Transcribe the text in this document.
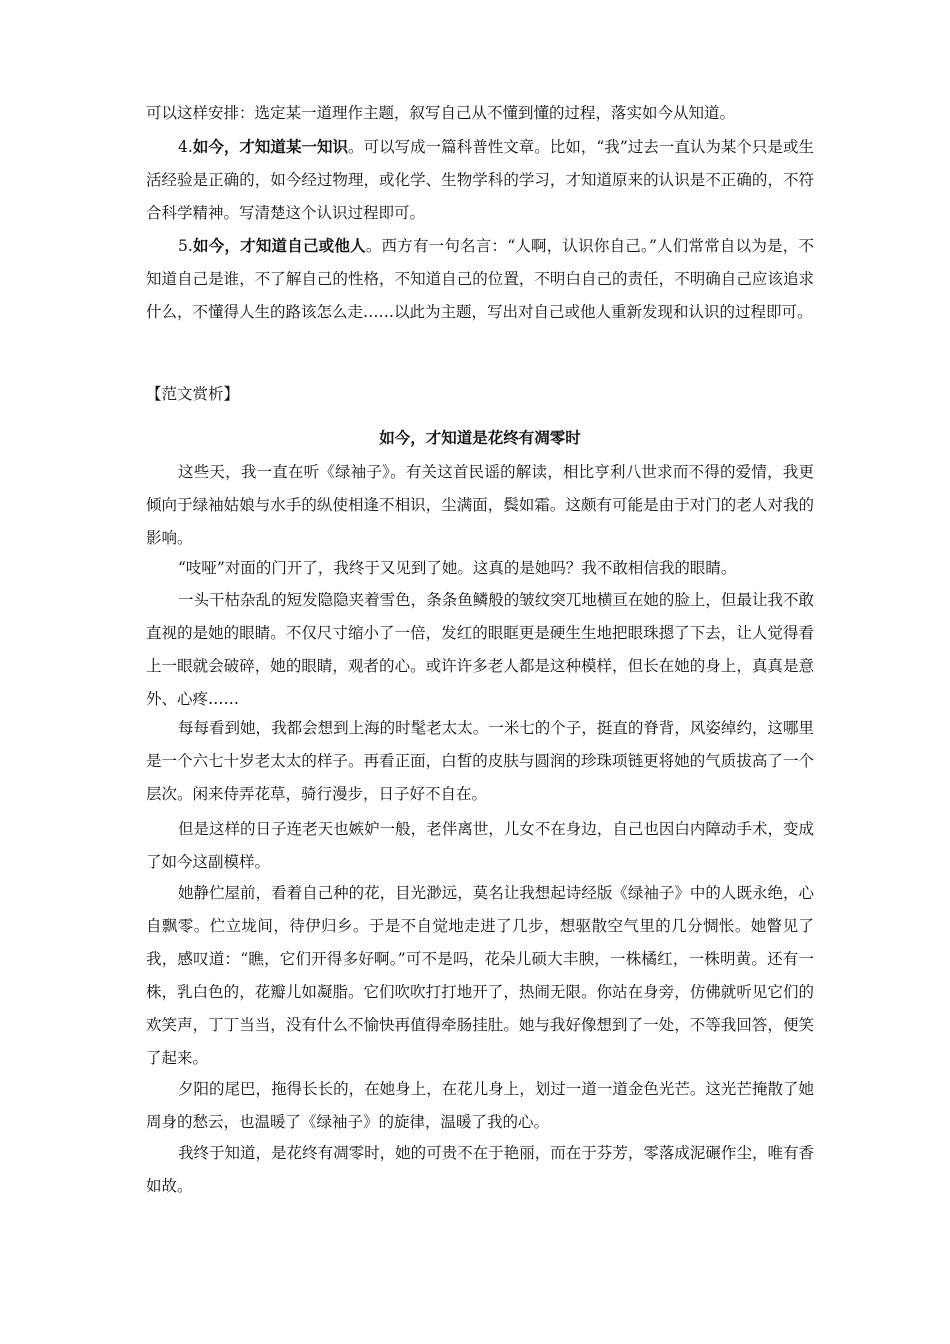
可以这样安排：选定某一道理作主题，叙写自己从不懂到懂的过程，落实如今从知道。

4.如今，才知道某一知识。可以写成一篇科普性文章。比如，“我”过去一直认为某个只是或生活经验是正确的，如今经过物理，或化学、生物学科的学习，才知道原来的认识是不正确的，不符合科学精神。写清楚这个认识过程即可。

5.如今，才知道自己或他人。西方有一句名言：“人啊，认识你自己。”人们常常自以为是，不知道自己是谁，不了解自己的性格，不知道自己的位置，不明白自己的责任，不明确自己应该追求什么，不懂得人生的路该怎么走……以此为主题，写出对自己或他人重新发现和认识的过程即可。

【范文赏析】
如今，才知道是花终有凋零时

这些天，我一直在听《绿袖子》。有关这首民谣的解读，相比亨利八世求而不得的爱情，我更倾向于绿袖姑娘与水手的纵使相逢不相识，尘满面，鬓如霜。这颇有可能是由于对门的老人对我的影响。

“吱哑”对面的门开了，我终于又见到了她。这真的是她吗？我不敢相信我的眼睛。

一头干枯杂乱的短发隐隐夹着雪色，条条鱼鳞般的皱纹突兀地横亘在她的脸上，但最让我不敢直视的是她的眼睛。不仅尺寸缩小了一倍，发红的眼眶更是硬生生地把眼珠摁了下去，让人觉得看上一眼就会破碎，她的眼睛，观者的心。或许许多老人都是这种模样，但长在她的身上，真真是意外、心疼……

每每看到她，我都会想到上海的时髦老太太。一米七的个子，挺直的脊背，风姿绰约，这哪里是一个六七十岁老太太的样子。再看正面，白皙的皮肤与圆润的珍珠项链更将她的气质拔高了一个层次。闲来侍弄花草，骑行漫步，日子好不自在。

但是这样的日子连老天也嫉妒一般，老伴离世，儿女不在身边，自己也因白内障动手术，变成了如今这副模样。

她静伫屋前，看着自己种的花，目光渺远，莫名让我想起诗经版《绿袖子》中的人既永绝，心自飘零。伫立垅间，待伊归乡。于是不自觉地走进了几步，想驱散空气里的几分惆怅。她瞥见了我，感叹道：“瞧，它们开得多好啊。”可不是吗，花朵儿硕大丰腴，一株橘红，一株明黄。还有一株，乳白色的，花瓣儿如凝脂。它们吹吹打打地开了，热闹无限。你站在身旁，仿佛就听见它们的欢笑声，丁丁当当，没有什么不愉快再值得牵肠挂肚。她与我好像想到了一处，不等我回答，便笑了起来。

夕阳的尾巴，拖得长长的，在她身上，在花儿身上，划过一道一道金色光芒。这光芒掩散了她周身的愁云，也温暖了《绿袖子》的旋律，温暖了我的心。

我终于知道，是花终有凋零时，她的可贵不在于艳丽，而在于芬芳，零落成泥碾作尘，唯有香如故。
